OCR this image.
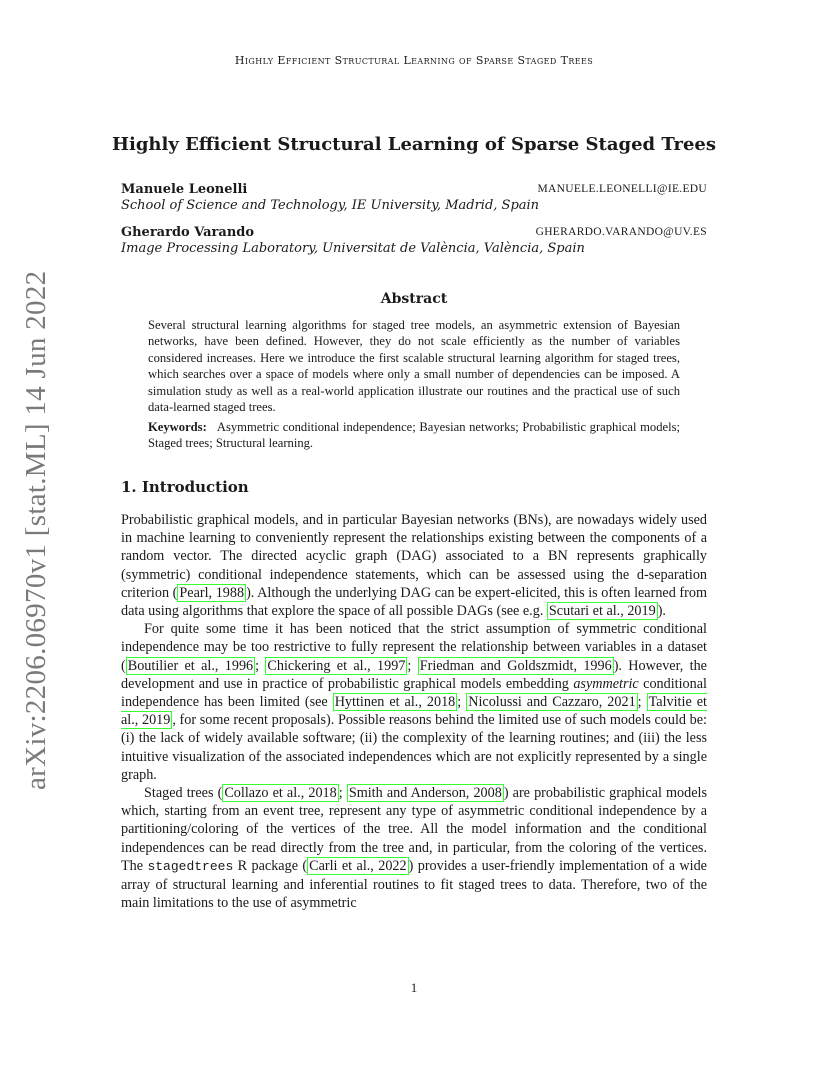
Highly Efficient Structural Learning of Sparse Staged Trees
arXiv:2206.06970v1 [stat.ML] 14 Jun 2022
Highly Efficient Structural Learning of Sparse Staged Trees
Manuele Leonelli	MANUELE.LEONELLI@IE.EDU
School of Science and Technology, IE University, Madrid, Spain
Gherardo Varando	GHERARDO.VARANDO@UV.ES
Image Processing Laboratory, Universitat de València, València, Spain
Abstract
Several structural learning algorithms for staged tree models, an asymmetric extension of Bayesian networks, have been defined. However, they do not scale efficiently as the number of variables considered increases. Here we introduce the first scalable structural learning algorithm for staged trees, which searches over a space of models where only a small number of dependencies can be imposed. A simulation study as well as a real-world application illustrate our routines and the practical use of such data-learned staged trees.
Keywords: Asymmetric conditional independence; Bayesian networks; Probabilistic graphical models; Staged trees; Structural learning.
1. Introduction

Probabilistic graphical models, and in particular Bayesian networks (BNs), are nowadays widely used in machine learning to conveniently represent the relationships existing between the components of a random vector. The directed acyclic graph (DAG) associated to a BN represents graphically (symmetric) conditional independence statements, which can be assessed using the d-separation criterion ( Pearl, 1988 ). Although the underlying DAG can be expert-elicited, this is often learned from data using algorithms that explore the space of all possible DAGs (see e.g. Scutari et al., 2019 ).

For quite some time it has been noticed that the strict assumption of symmetric conditional independence may be too restrictive to fully represent the relationship between variables in a dataset ( Boutilier et al., 1996 ; Chickering et al., 1997 ; Friedman and Goldszmidt, 1996 ). However, the development and use in practice of probabilistic graphical models embedding asymmetric conditional independence has been limited (see Hyttinen et al., 2018 ; Nicolussi and Cazzaro, 2021 ; Talvitie et al., 2019 , for some recent proposals). Possible reasons behind the limited use of such models could be: (i) the lack of widely available software; (ii) the complexity of the learning routines; and (iii) the less intuitive visualization of the associated independences which are not explicitly represented by a single graph.

Staged trees ( Collazo et al., 2018 ; Smith and Anderson, 2008 ) are probabilistic graphical models which, starting from an event tree, represent any type of asymmetric conditional independence by a partitioning/coloring of the vertices of the tree. All the model information and the conditional independences can be read directly from the tree and, in particular, from the coloring of the vertices. The stagedtrees R package ( Carli et al., 2022 ) provides a user-friendly implementation of a wide array of structural learning and inferential routines to fit staged trees to data. Therefore, two of the main limitations to the use of asymmetric

1
